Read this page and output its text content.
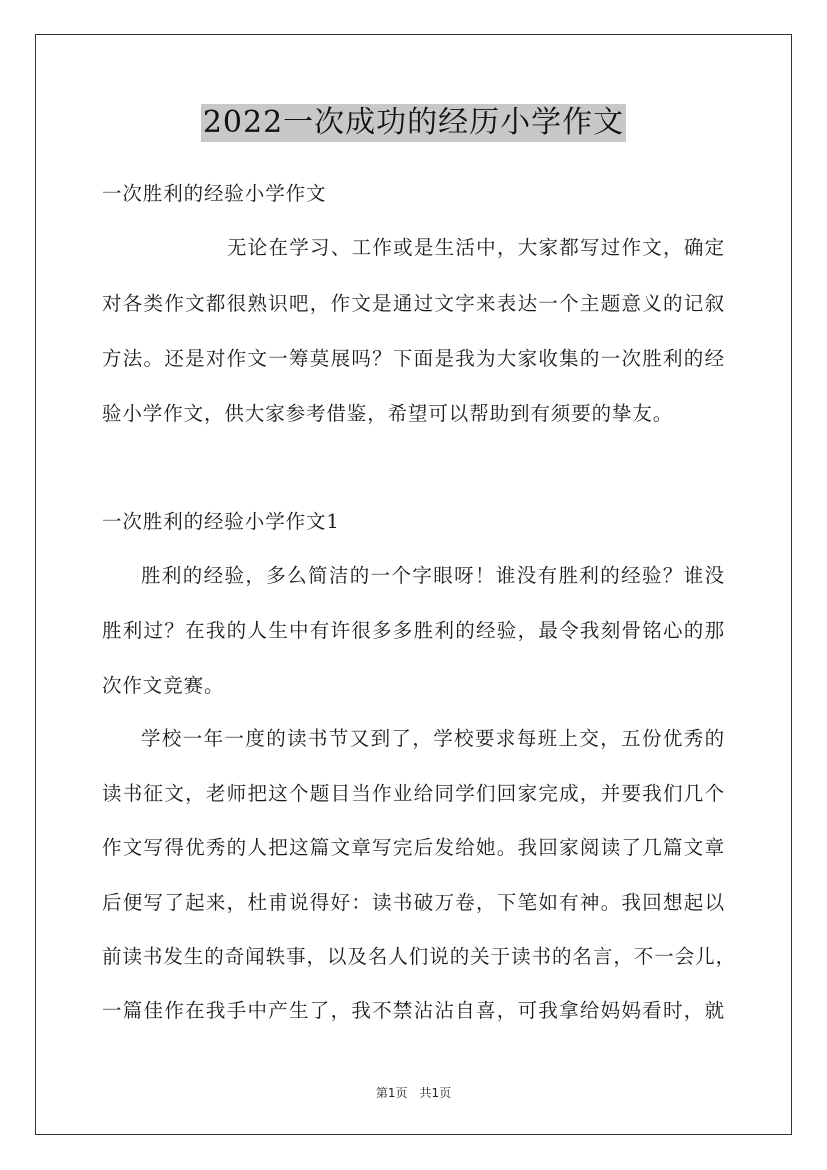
2022一次成功的经历小学作文
一次胜利的经验小学作文
无论在学习、工作或是生活中，大家都写过作文，确定
对各类作文都很熟识吧，作文是通过文字来表达一个主题意义的记叙
方法。还是对作文一筹莫展吗？下面是我为大家收集的一次胜利的经
验小学作文，供大家参考借鉴，希望可以帮助到有须要的挚友。
一次胜利的经验小学作文1
胜利的经验，多么简洁的一个字眼呀！谁没有胜利的经验？谁没
胜利过？在我的人生中有许很多多胜利的经验，最令我刻骨铭心的那
次作文竞赛。
学校一年一度的读书节又到了，学校要求每班上交，五份优秀的
读书征文，老师把这个题目当作业给同学们回家完成，并要我们几个
作文写得优秀的人把这篇文章写完后发给她。我回家阅读了几篇文章
后便写了起来，杜甫说得好：读书破万卷，下笔如有神。我回想起以
前读书发生的奇闻轶事，以及名人们说的关于读书的名言，不一会儿，
一篇佳作在我手中产生了，我不禁沾沾自喜，可我拿给妈妈看时，就
第1页　共1页
